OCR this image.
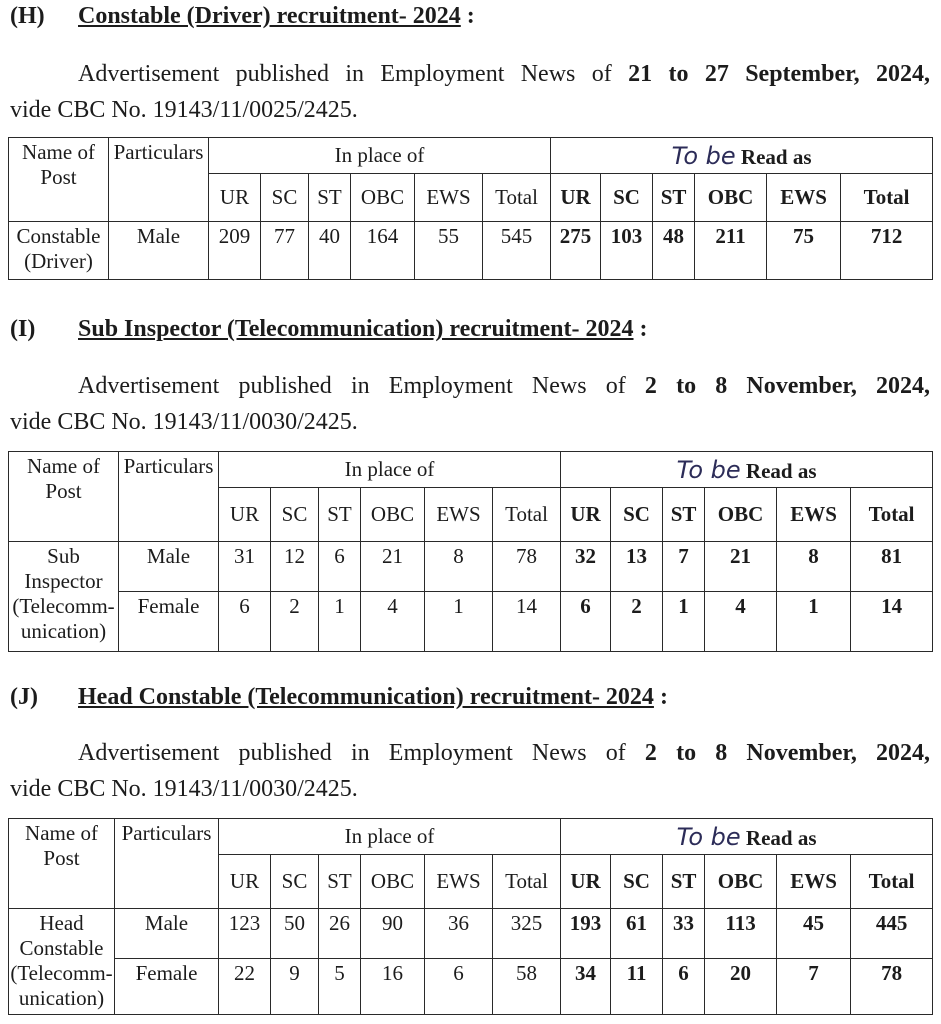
(H) Constable (Driver) recruitment- 2024 :
Advertisement published in Employment News of 21 to 27 September, 2024,
vide CBC No. 19143/11/0025/2425.
Name of Post	Particulars	In place of						To be Read as					
		UR	SC	ST	OBC	EWS	Total	UR	SC	ST	OBC	EWS	Total
Constable (Driver)	Male	209	77	40	164	55	545	275	103	48	211	75	712
(I) Sub Inspector (Telecommunication) recruitment- 2024 :
Advertisement published in Employment News of 2 to 8 November, 2024,
vide CBC No. 19143/11/0030/2425.
Name of Post	Particulars	In place of						To be Read as					
		UR	SC	ST	OBC	EWS	Total	UR	SC	ST	OBC	EWS	Total
Sub Inspector (Telecomm-unication)	Male	31	12	6	21	8	78	32	13	7	21	8	81
	Female	6	2	1	4	1	14	6	2	1	4	1	14
(J) Head Constable (Telecommunication) recruitment- 2024 :
Advertisement published in Employment News of 2 to 8 November, 2024,
vide CBC No. 19143/11/0030/2425.
Name of Post	Particulars	In place of						To be Read as					
		UR	SC	ST	OBC	EWS	Total	UR	SC	ST	OBC	EWS	Total
Head Constable (Telecomm-unication)	Male	123	50	26	90	36	325	193	61	33	113	45	445
	Female	22	9	5	16	6	58	34	11	6	20	7	78
